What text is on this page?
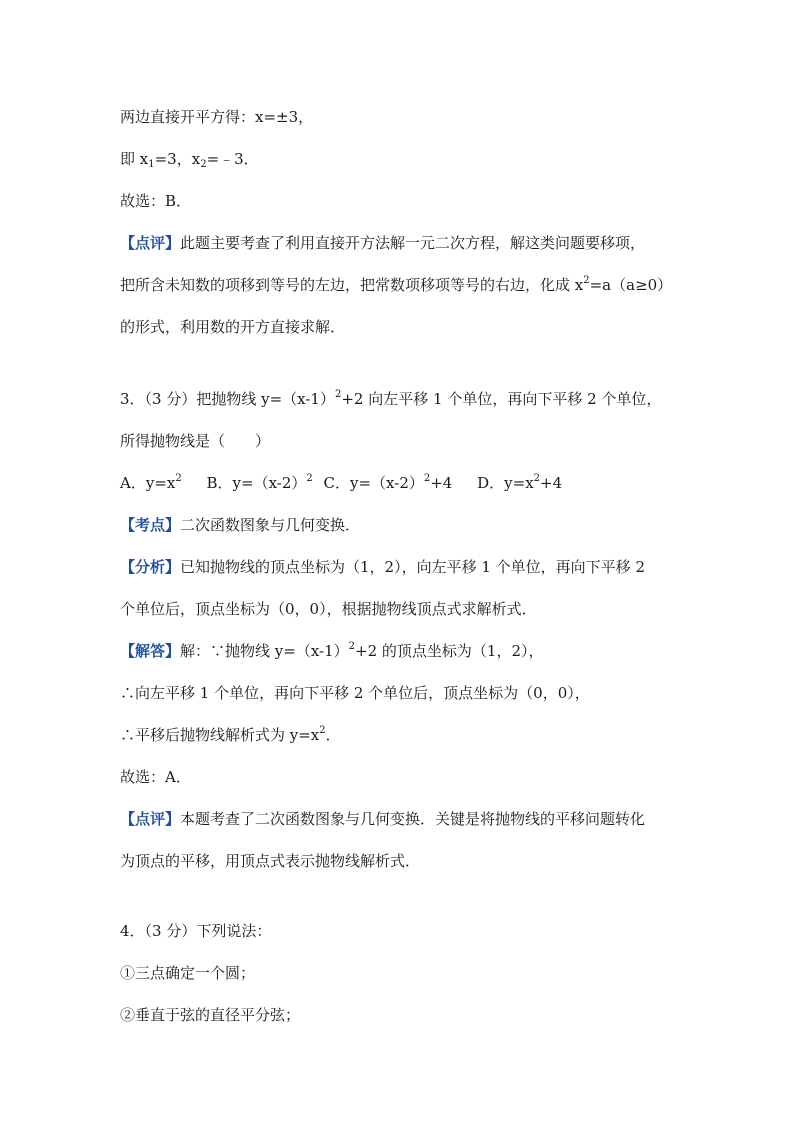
两边直接开平方得：x=±3，
即 $x_1=3$，$x_2=﹣3$．
故选：B．
【点评】此题主要考查了利用直接开方法解一元二次方程，解这类问题要移项，
把所含未知数的项移到等号的左边，把常数项移项等号的右边，化成 $x^2=a(a\ge 0)$
的形式，利用数的开方直接求解．
3．（3 分）把抛物线 $y=(x-1)^2+2$ 向左平移 1 个单位，再向下平移 2 个单位，
所得抛物线是（　　）
A．$y=x^2$ B．$y=(x-2)^2$ C．$y=(x-2)^2+4$ D．$y=x^2+4$
【考点】二次函数图象与几何变换．
【分析】已知抛物线的顶点坐标为（1，2），向左平移 1 个单位，再向下平移 2
个单位后，顶点坐标为（0，0），根据抛物线顶点式求解析式．
【解答】解：∵抛物线 $y=(x-1)^2+2$ 的顶点坐标为（1，2），
∴向左平移 1 个单位，再向下平移 2 个单位后，顶点坐标为（0，0），
∴平移后抛物线解析式为 $y=x^2$．
故选：A．
【点评】本题考查了二次函数图象与几何变换．关键是将抛物线的平移问题转化
为顶点的平移，用顶点式表示抛物线解析式．
4．（3 分）下列说法：
①三点确定一个圆；
②垂直于弦的直径平分弦；
